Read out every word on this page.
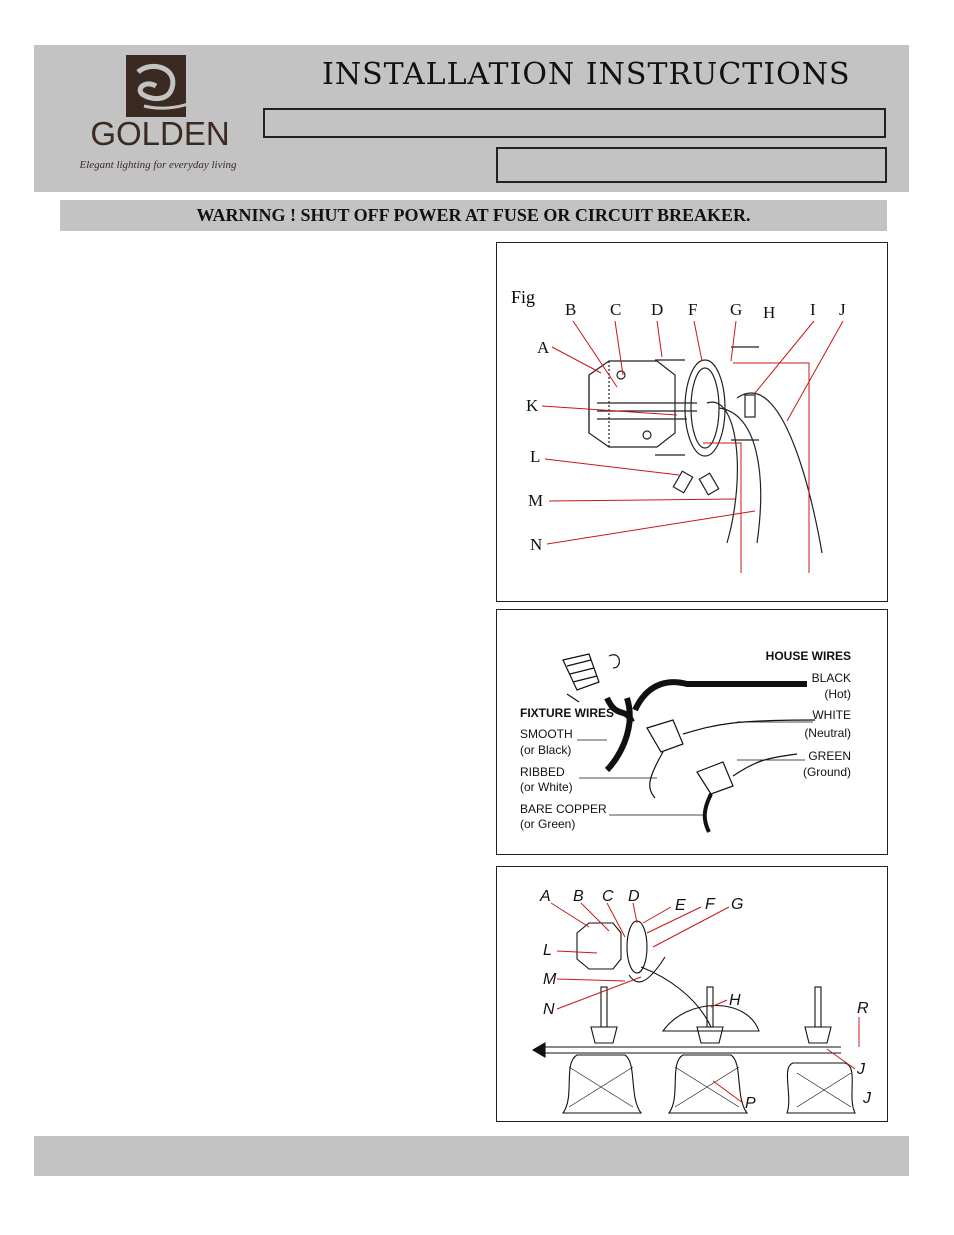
GOLDEN
Elegant lighting for everyday living
INSTALLATION INSTRUCTIONS
WARNING ! SHUT OFF POWER AT FUSE OR CIRCUIT BREAKER.
Fig
B C D F G H I J
A
K
L
M
N
HOUSE WIRES
BLACK
(Hot)
WHITE
(Neutral)
GREEN
(Ground)
FIXTURE WIRES
SMOOTH
(or Black)
RIBBED
(or White)
BARE COPPER
(or Green)
A B C D
E F G
L
M
N
H	R
J
P	J
